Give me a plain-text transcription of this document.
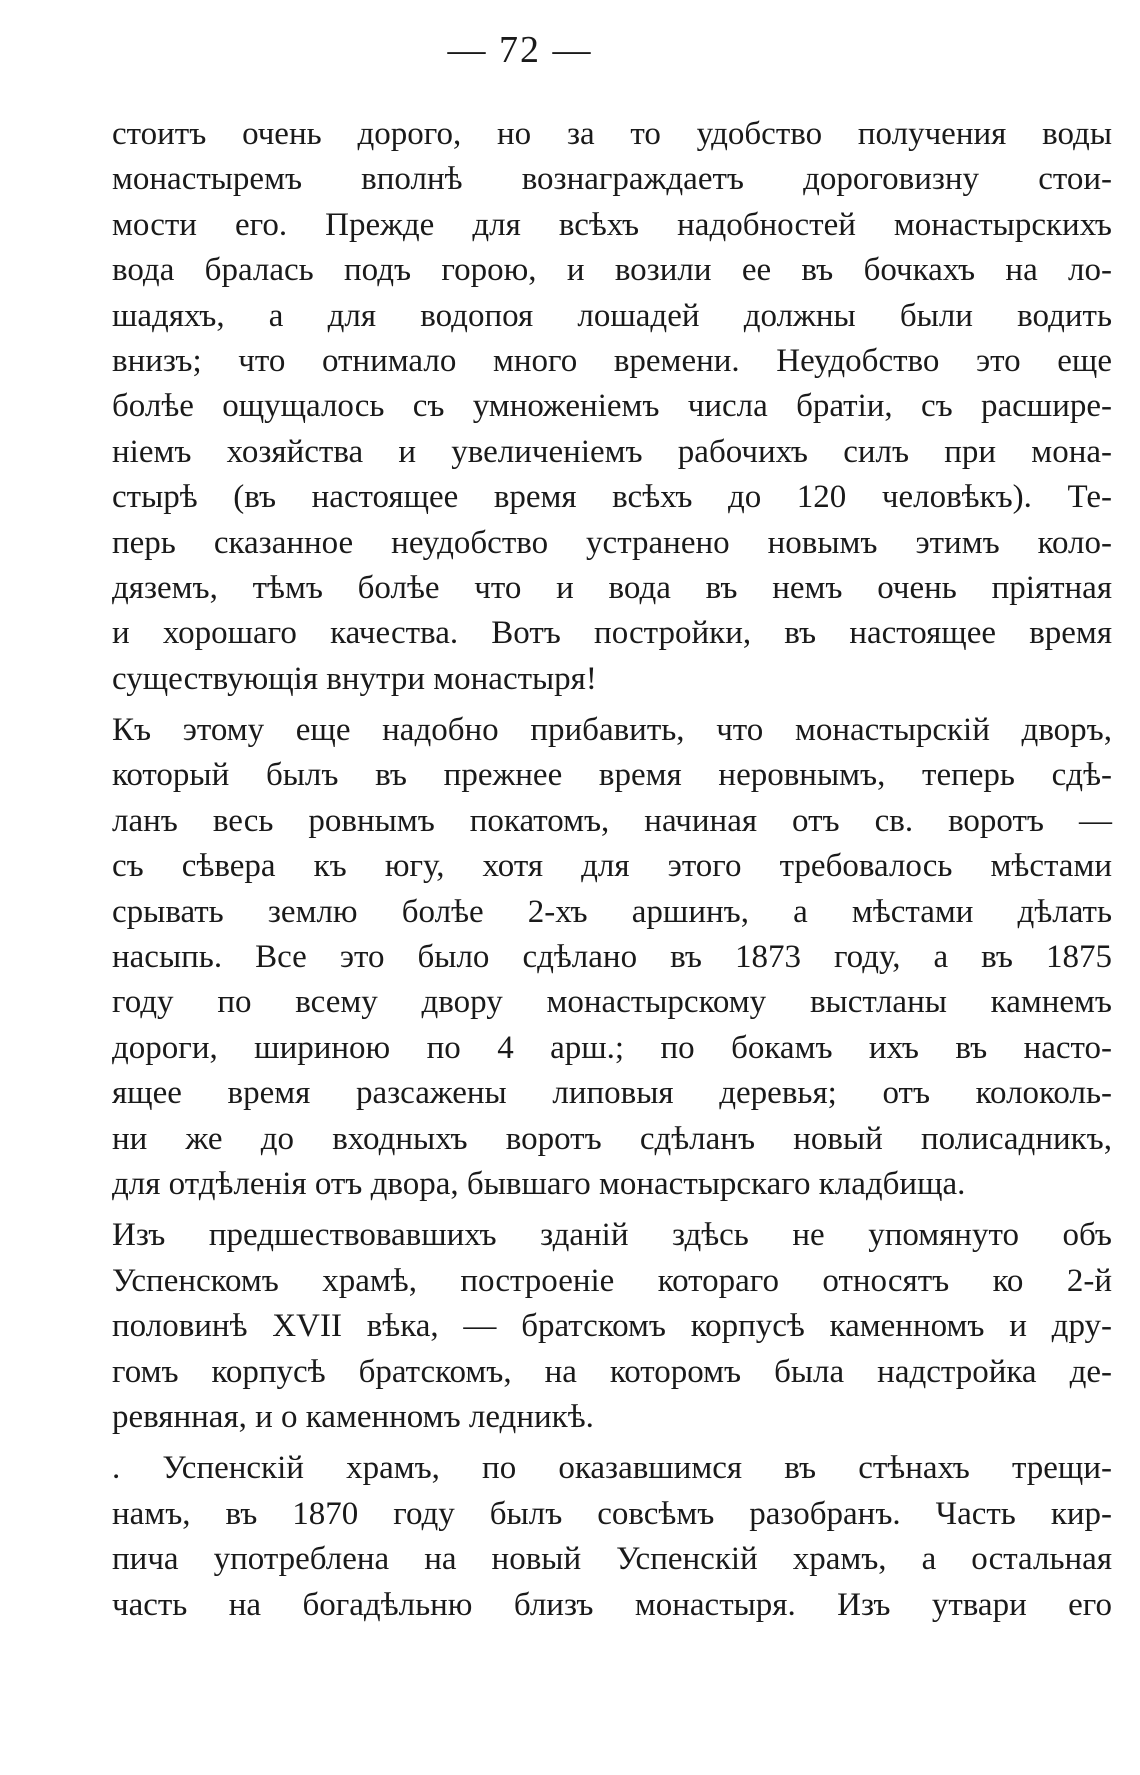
— 72 —
стоитъ очень дорого, но за то удобство получения воды
монастыремъ вполнѣ вознаграждаетъ дороговизну стои-
мости его. Прежде для всѣхъ надобностей монастырскихъ
вода бралась подъ горою, и возили ее въ бочкахъ на ло-
шадяхъ, а для водопоя лошадей должны были водить
внизъ; что отнимало много времени. Неудобство это еще
болѣе ощущалось съ умноженіемъ числа братіи, съ расшире-
ніемъ хозяйства и увеличеніемъ рабочихъ силъ при мона-
стырѣ (въ настоящее время всѣхъ до 120 человѣкъ). Те-
перь сказанное неудобство устранено новымъ этимъ коло-
дяземъ, тѣмъ болѣе что и вода въ немъ очень пріятная
и хорошаго качества. Вотъ постройки, въ настоящее время
существующія внутри монастыря!
Къ этому еще надобно прибавить, что монастырскій дворъ,
который былъ въ прежнее время неровнымъ, теперь сдѣ-
ланъ весь ровнымъ покатомъ, начиная отъ св. воротъ —
съ сѣвера къ югу, хотя для этого требовалось мѣстами
срывать землю болѣе 2-хъ аршинъ, а мѣстами дѣлать
насыпь. Все это было сдѣлано въ 1873 году, а въ 1875
году по всему двору монастырскому выстланы камнемъ
дороги, шириною по 4 арш.; по бокамъ ихъ въ насто-
ящее время разсажены липовыя деревья; отъ колоколь-
ни же до входныхъ воротъ сдѣланъ новый полисадникъ,
для отдѣленія отъ двора, бывшаго монастырскаго кладбища.
Изъ предшествовавшихъ зданій здѣсь не упомянуто объ
Успенскомъ храмѣ, построеніе котораго относятъ ко 2-й
половинѣ XVII вѣка, — братскомъ корпусѣ каменномъ и дру-
гомъ корпусѣ братскомъ, на которомъ была надстройка де-
ревянная, и о каменномъ ледникѣ.
. Успенскій храмъ, по оказавшимся въ стѣнахъ трещи-
намъ, въ 1870 году былъ совсѣмъ разобранъ. Часть кир-
пича употреблена на новый Успенскій храмъ, а остальная
часть на богадѣльню близъ монастыря. Изъ утвари его
